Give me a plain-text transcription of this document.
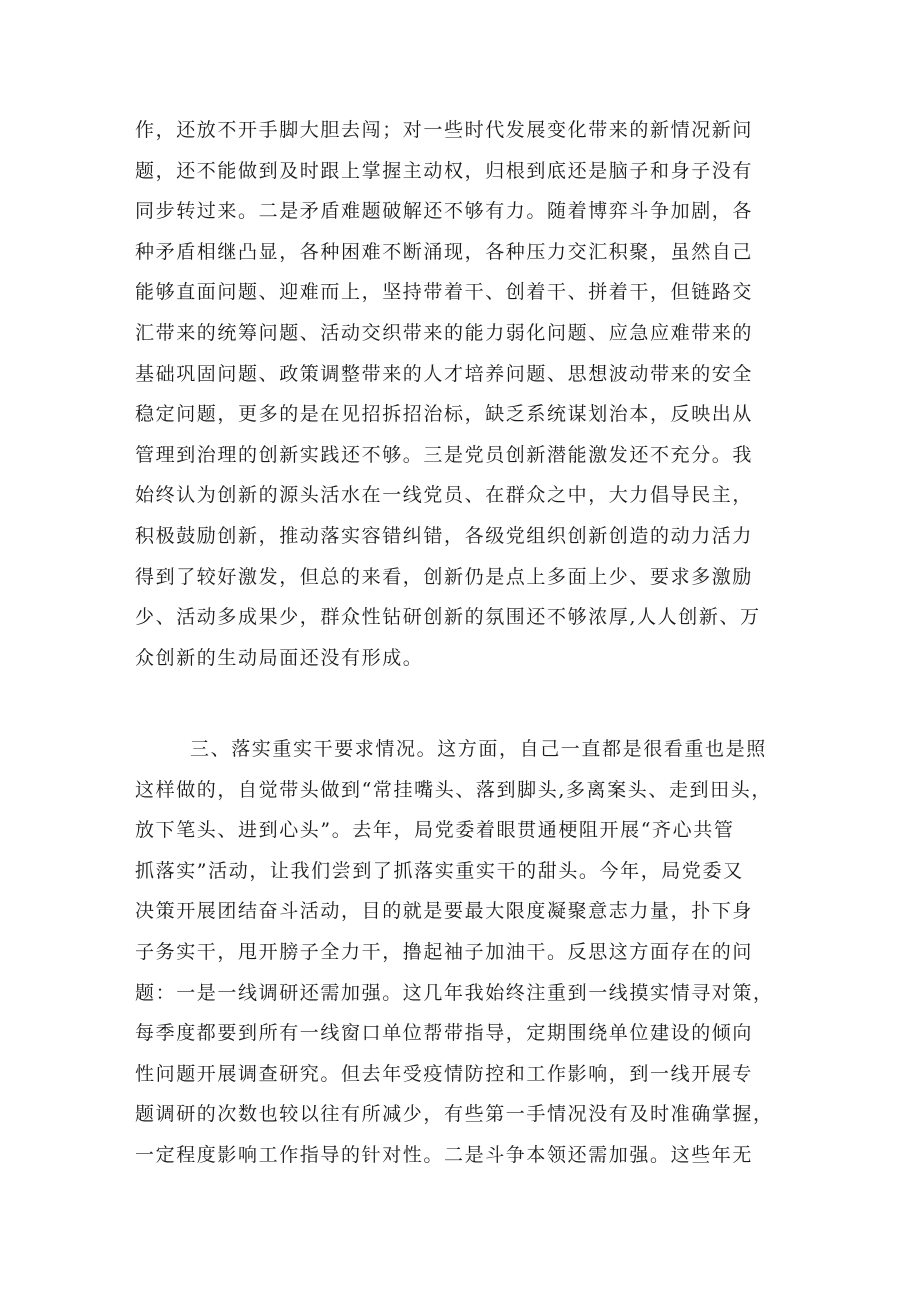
作，还放不开手脚大胆去闯；对一些时代发展变化带来的新情况新问
题，还不能做到及时跟上掌握主动权，归根到底还是脑子和身子没有
同步转过来。二是矛盾难题破解还不够有力。随着博弈斗争加剧，各
种矛盾相继凸显，各种困难不断涌现，各种压力交汇积聚，虽然自己
能够直面问题、迎难而上，坚持带着干、创着干、拼着干，但链路交
汇带来的统筹问题、活动交织带来的能力弱化问题、应急应难带来的
基础巩固问题、政策调整带来的人才培养问题、思想波动带来的安全
稳定问题，更多的是在见招拆招治标，缺乏系统谋划治本，反映出从
管理到治理的创新实践还不够。三是党员创新潜能激发还不充分。我
始终认为创新的源头活水在一线党员、在群众之中，大力倡导民主，
积极鼓励创新，推动落实容错纠错，各级党组织创新创造的动力活力
得到了较好激发，但总的来看，创新仍是点上多面上少、要求多激励
少、活动多成果少，群众性钻研创新的氛围还不够浓厚,人人创新、万
众创新的生动局面还没有形成。
三、落实重实干要求情况。这方面，自己一直都是很看重也是照
这样做的，自觉带头做到“常挂嘴头、落到脚头,多离案头、走到田头，
放下笔头、进到心头”。去年，局党委着眼贯通梗阻开展“齐心共管
抓落实”活动，让我们尝到了抓落实重实干的甜头。今年，局党委又
决策开展团结奋斗活动，目的就是要最大限度凝聚意志力量，扑下身
子务实干，甩开膀子全力干，撸起袖子加油干。反思这方面存在的问
题：一是一线调研还需加强。这几年我始终注重到一线摸实情寻对策，
每季度都要到所有一线窗口单位帮带指导，定期围绕单位建设的倾向
性问题开展调查研究。但去年受疫情防控和工作影响，到一线开展专
题调研的次数也较以往有所减少，有些第一手情况没有及时准确掌握，
一定程度影响工作指导的针对性。二是斗争本领还需加强。这些年无
